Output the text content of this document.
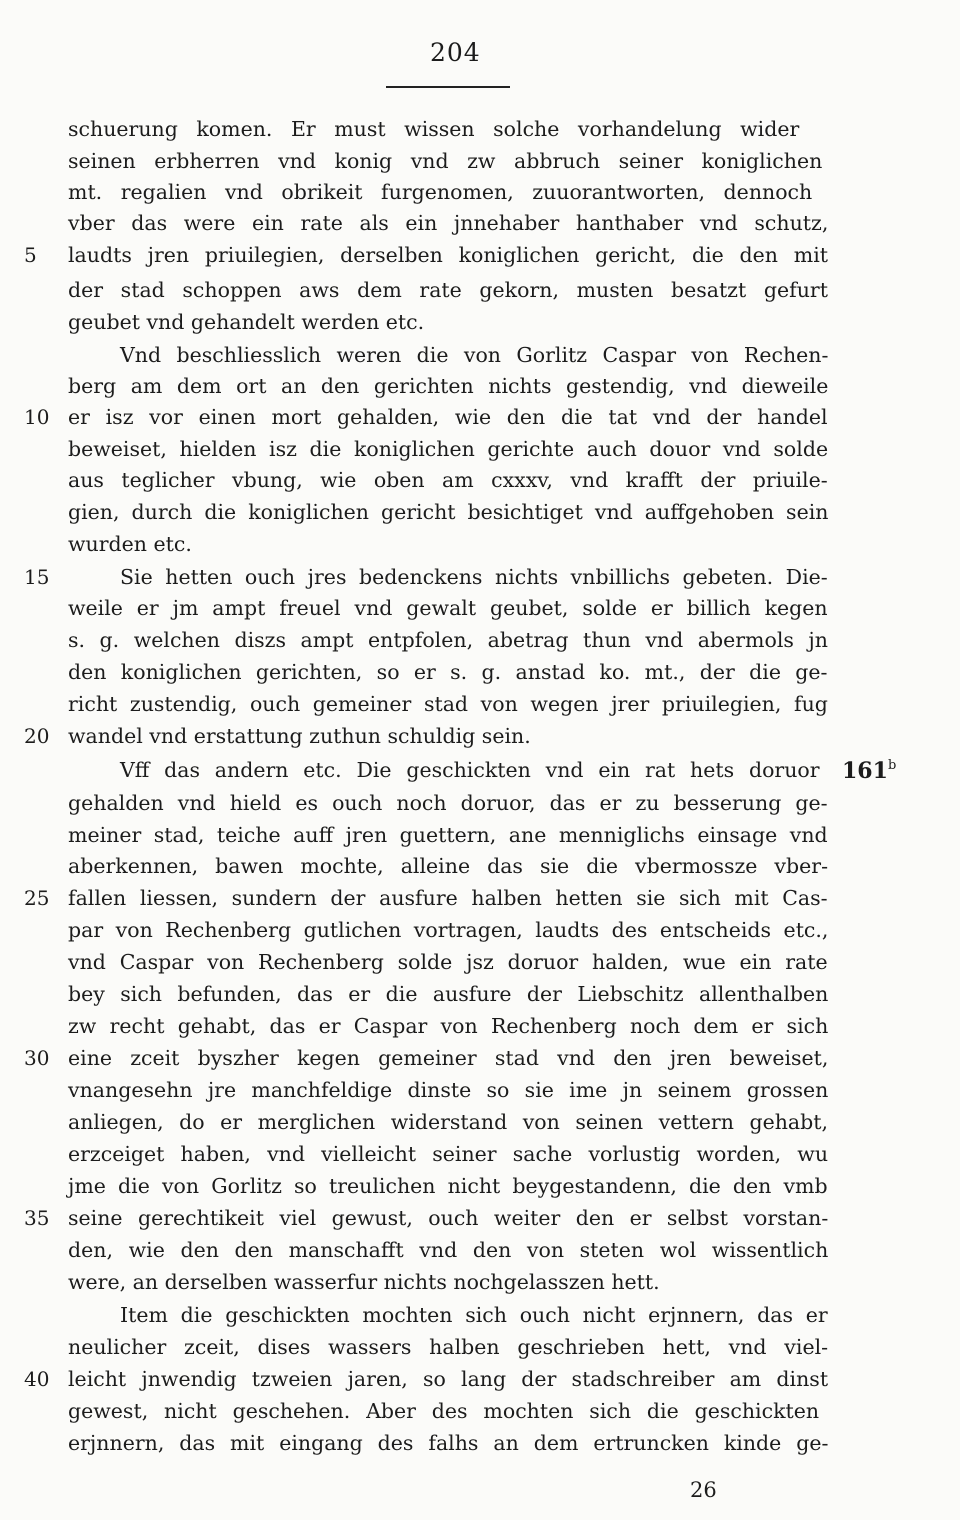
204
schuerung komen. Er must wissen solche vorhandelung wider
seinen erbherren vnd konig vnd zw abbruch seiner koniglichen
mt. regalien vnd obrikeit furgenomen, zuuorantworten, dennoch
vber das were ein rate als ein jnnehaber hanthaber vnd schutz,
5 laudts jren priuilegien, derselben koniglichen gericht, die den mit
der stad schoppen aws dem rate gekorn, musten besatzt gefurt
geubet vnd gehandelt werden etc.
Vnd beschliesslich weren die von Gorlitz Caspar von Rechen-
berg am dem ort an den gerichten nichts gestendig, vnd dieweile
10 er isz vor einen mort gehalden, wie den die tat vnd der handel
beweiset, hielden isz die koniglichen gerichte auch douor vnd solde
aus teglicher vbung, wie oben am cxxxv, vnd krafft der priuile-
gien, durch die koniglichen gericht besichtiget vnd auffgehoben sein
wurden etc.
15	Sie hetten ouch jres bedenckens nichts vnbillichs gebeten. Die-
weile er jm ampt freuel vnd gewalt geubet, solde er billich kegen
s. g. welchen diszs ampt entpfolen, abetrag thun vnd abermols jn
den koniglichen gerichten, so er s. g. anstad ko. mt., der die ge-
richt zustendig, ouch gemeiner stad von wegen jrer priuilegien, fug
20 wandel vnd erstattung zuthun schuldig sein.
Vff das andern etc. Die geschickten vnd ein rat hets doruor 161$^b$
gehalden vnd hield es ouch noch doruor, das er zu besserung ge-
meiner stad, teiche auff jren guettern, ane menniglichs einsage vnd
aberkennen, bawen mochte, alleine das sie die vbermossze vber-
25 fallen liessen, sundern der ausfure halben hetten sie sich mit Cas-
par von Rechenberg gutlichen vortragen, laudts des entscheids etc.,
vnd Caspar von Rechenberg solde jsz doruor halden, wue ein rate
bey sich befunden, das er die ausfure der Liebschitz allenthalben
zw recht gehabt, das er Caspar von Rechenberg noch dem er sich
30 eine zceit byszher kegen gemeiner stad vnd den jren beweiset,
vnangesehn jre manchfeldige dinste so sie ime jn seinem grossen
anliegen, do er merglichen widerstand von seinen vettern gehabt,
erzceiget haben, vnd vielleicht seiner sache vorlustig worden, wu
jme die von Gorlitz so treulichen nicht beygestandenn, die den vmb
35 seine gerechtikeit viel gewust, ouch weiter den er selbst vorstan-
den, wie den den manschafft vnd den von steten wol wissentlich
were, an derselben wasserfur nichts nochgelasszen hett.
Item die geschickten mochten sich ouch nicht erjnnern, das er
neulicher zceit, dises wassers halben geschrieben hett, vnd viel-
40 leicht jnwendig tzweien jaren, so lang der stadschreiber am dinst
gewest, nicht geschehen. Aber des mochten sich die geschickten
erjnnern, das mit eingang des falhs an dem ertruncken kinde ge-
26
